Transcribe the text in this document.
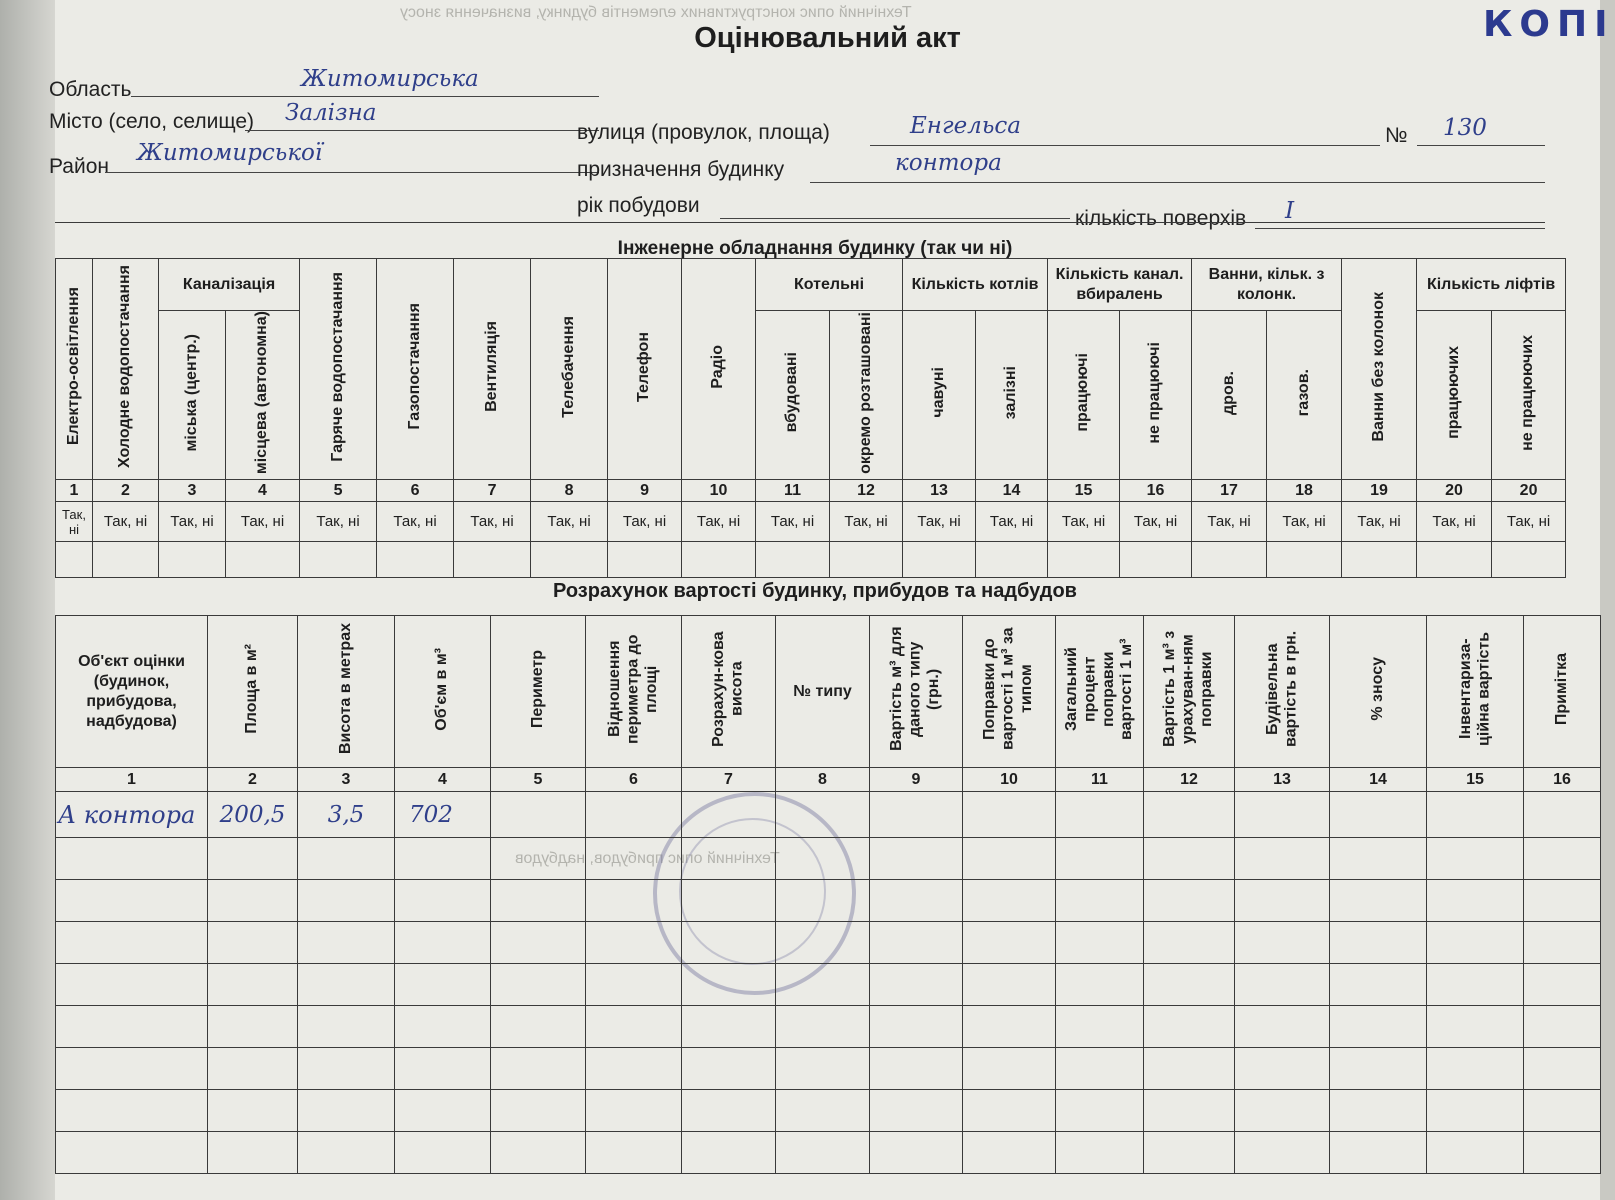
Технічний опис конструктивних елементів будинку, визначення зносу
Технічний опис прибудов, надбудов
Оцінювальний акт	КОПІ
Область	Житомирська
Місто (село, селище) Залізна
Район
Житомирської
вулиця (провулок, площа)	Енгельса	№ 130
призначення будинку	контора
рік побудови
кількість поверхів I
Інженерне обладнання будинку (так чи ні)
Електро-освітлення	Холодне водопостачання	Каналізація		Гаряче водопостачання	Газопостачання	Вентиляція	Телебачення	Телефон	Радіо	Котельні		Кількість котлів		Кількість канал. вбиралень		Ванни, кільк. з колонк.		Ванни без колонок	Кількість ліфтів	
		міська (центр.)	місцева (автономна)							вбудовані	окремо розташовані	чавуні	залізні	працюючі	не працюючі	дров.	газов.		працюючих	не працюючих
1	2	3	4	5	6	7	8	9	10	11	12	13	14	15	16	17	18	19	20	20
Так, ні	Так, ні	Так, ні	Так, ні	Так, ні	Так, ні	Так, ні	Так, ні	Так, ні	Так, ні	Так, ні	Так, ні	Так, ні	Так, ні	Так, ні	Так, ні	Так, ні	Так, ні	Так, ні	Так, ні	Так, ні

Розрахунок вартості будинку, прибудов та надбудов
Об'єкт оцінки (будинок, прибудова, надбудова)	Площа в м²	Висота в метрах	Об'єм в м³	Периметр	Відношення периметра до площі	Розрахун-кова висота	№ типу	Вартість м³ для даного типу (грн.)	Поправки до вартості 1 м³ за типом	Загальний процент поправки вартості 1 м³	Вартість 1 м³ з урахуван-ням поправки	Будівельна вартість в грн.	% зносу	Інвентариза-ційна вартість	Примітка
1	2	3	4	5	6	7	8	9	10	11	12	13	14	15	16
А контора	200,5	3,5	702												
